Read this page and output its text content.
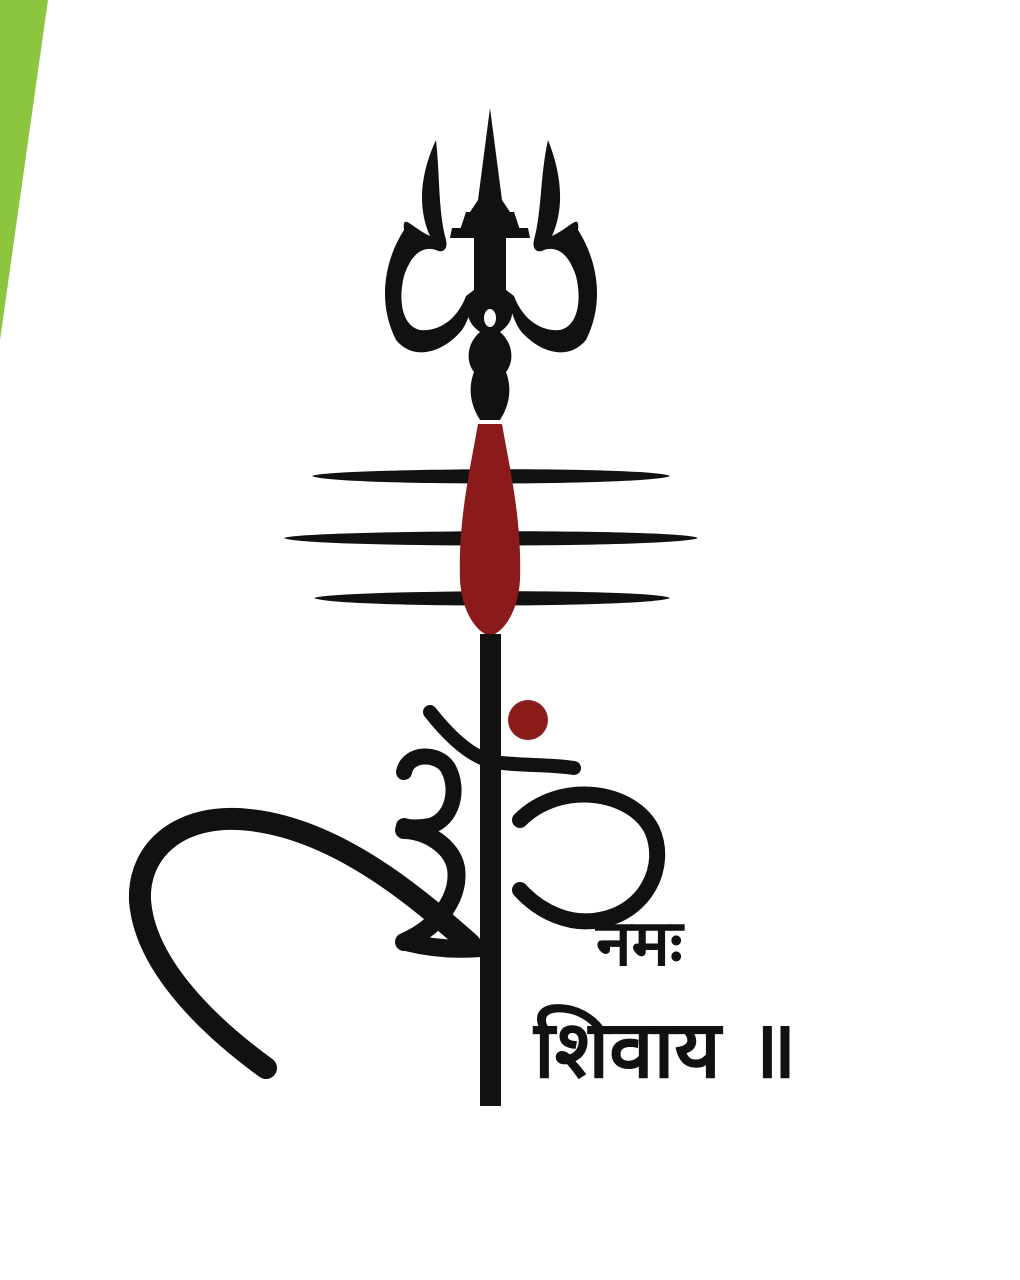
नमः
शिवाय ॥
